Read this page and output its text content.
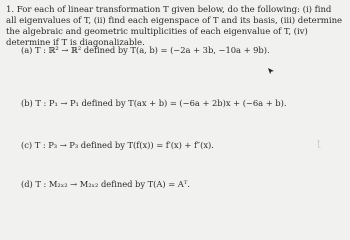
1. For each of linear transformation T given below, do the following: (i) find all eigenvalues of T, (ii) find each eigenspace of T and its basis, (iii) determine the algebraic and geometric multiplicities of each eigenvalue of T, (iv) determine if T is diagonalizable.
(a) T : ℝ² → ℝ² defined by T(a, b) = (−2a + 3b, −10a + 9b).
(b) T : P₁ → P₁ defined by T(ax + b) = (−6a + 2b)x + (−6a + b).
(c) T : P₃ → P₃ defined by T(f(x)) = f′(x) + f″(x).
(d) T : M₂ₓ₂ → M₂ₓ₂ defined by T(A) = Aᵀ.
ʈ
